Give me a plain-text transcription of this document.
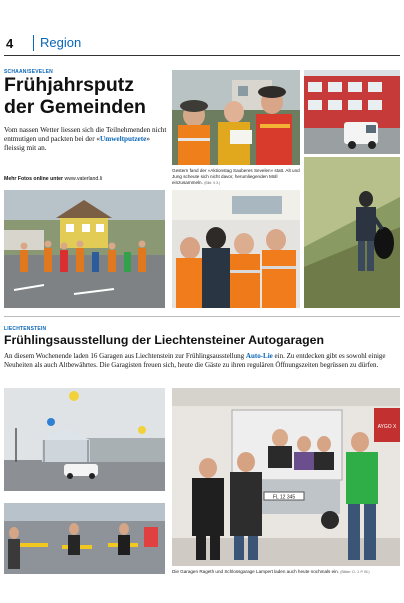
4 Region
SCHAAN/SEVELEN
Frühjahrsputz
der Gemeinden
Vom nassen Wetter liessen sich die Teilnehmenden nicht entmutigen und packten bei der «Umweltputzete» fleissig mit an.
Mehr Fotos online unter www.vaterland.li
Gestern fand der «Aktionstag Sauberes Sevelen» statt. Alt und Jung scheute sich nicht davor, herumliegenden Müll einzusammeln. (Bild: 9.3.)
LIECHTENSTEIN
Frühlingsausstellung der Liechtensteiner Autogaragen
An diesem Wochenende laden 16 Garagen aus Liechtenstein zur Frühlingsausstellung Auto-Lie ein. Zu entdecken gibt es sowohl einige Neuheiten als auch Altbewährtes. Die Garagisten freuen sich, heute die Gäste zu ihren regulären Öffnungszeiten begrüssen zu dürfen.
FL 12 345
AYGO X
Die Garagen Rageth und Schlossgarage Lampert laden auch heute nochmals ein. (Bilder: D. J. P. Bl.)
